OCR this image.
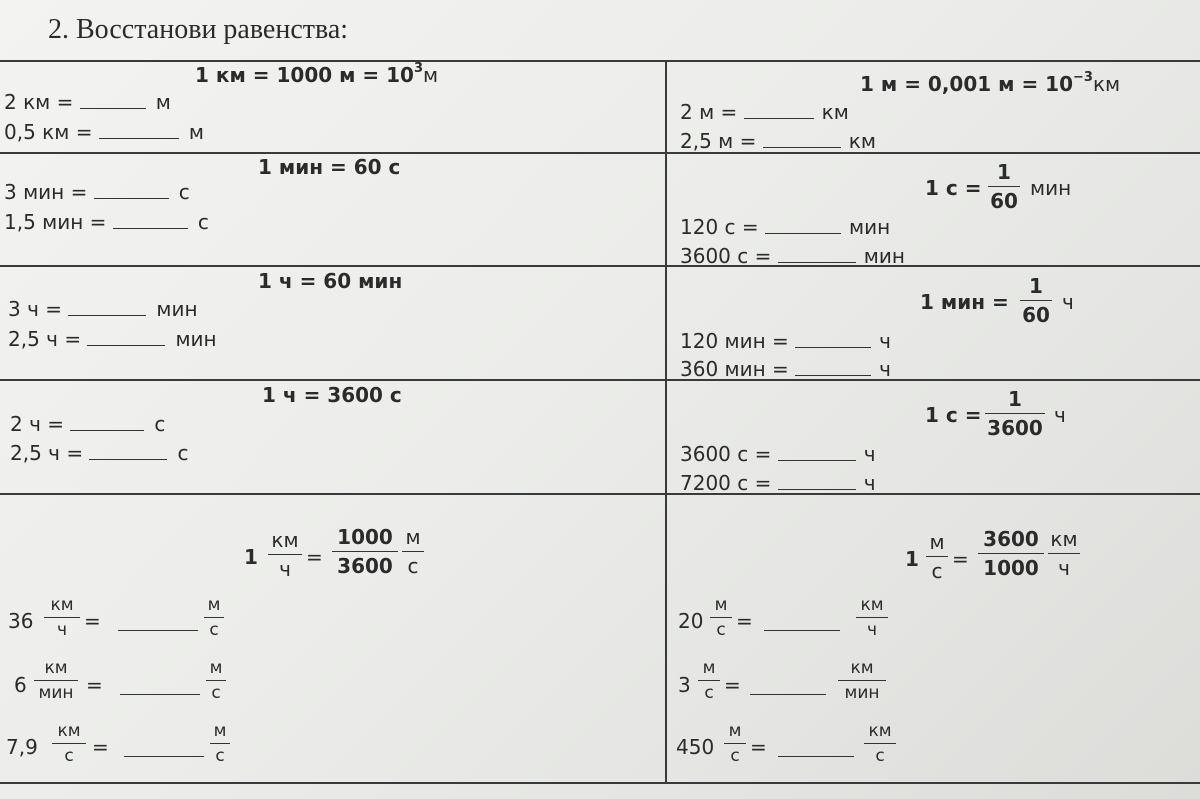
2. Восстанови равенства:
1 км = 1000 $м = 10^3м$
2 км =	м
0,5 км =	м
1 м = 0,001 $м = 10^{-3}км$
2 м =	км
2,5 м =	км
1 мин = 60 с
3 мин =	с
1,5 мин =	с
1 с =
1
60
мин
120 с =	мин
3600 с =	мин
1 ч = 60 мин
3 ч =	мин
2,5 ч =	мин
1 мин =
1
60
ч
120 мин =	ч
360 мин =	ч
1 ч = 3600 с
2 ч =	с
2,5 ч =	с
1 с =
1
3600
ч
3600 с =	ч
7200 с =	ч
1
км
ч =
1000
3600
м
с
36
км
ч =
м
с
6
км
мин =
м
с
7,9
км
с =
м
с
1
м
с =
3600
1000
км
ч
20
м
с =
км
ч
3
м
с =
км
мин
450
м
с =
км
с
